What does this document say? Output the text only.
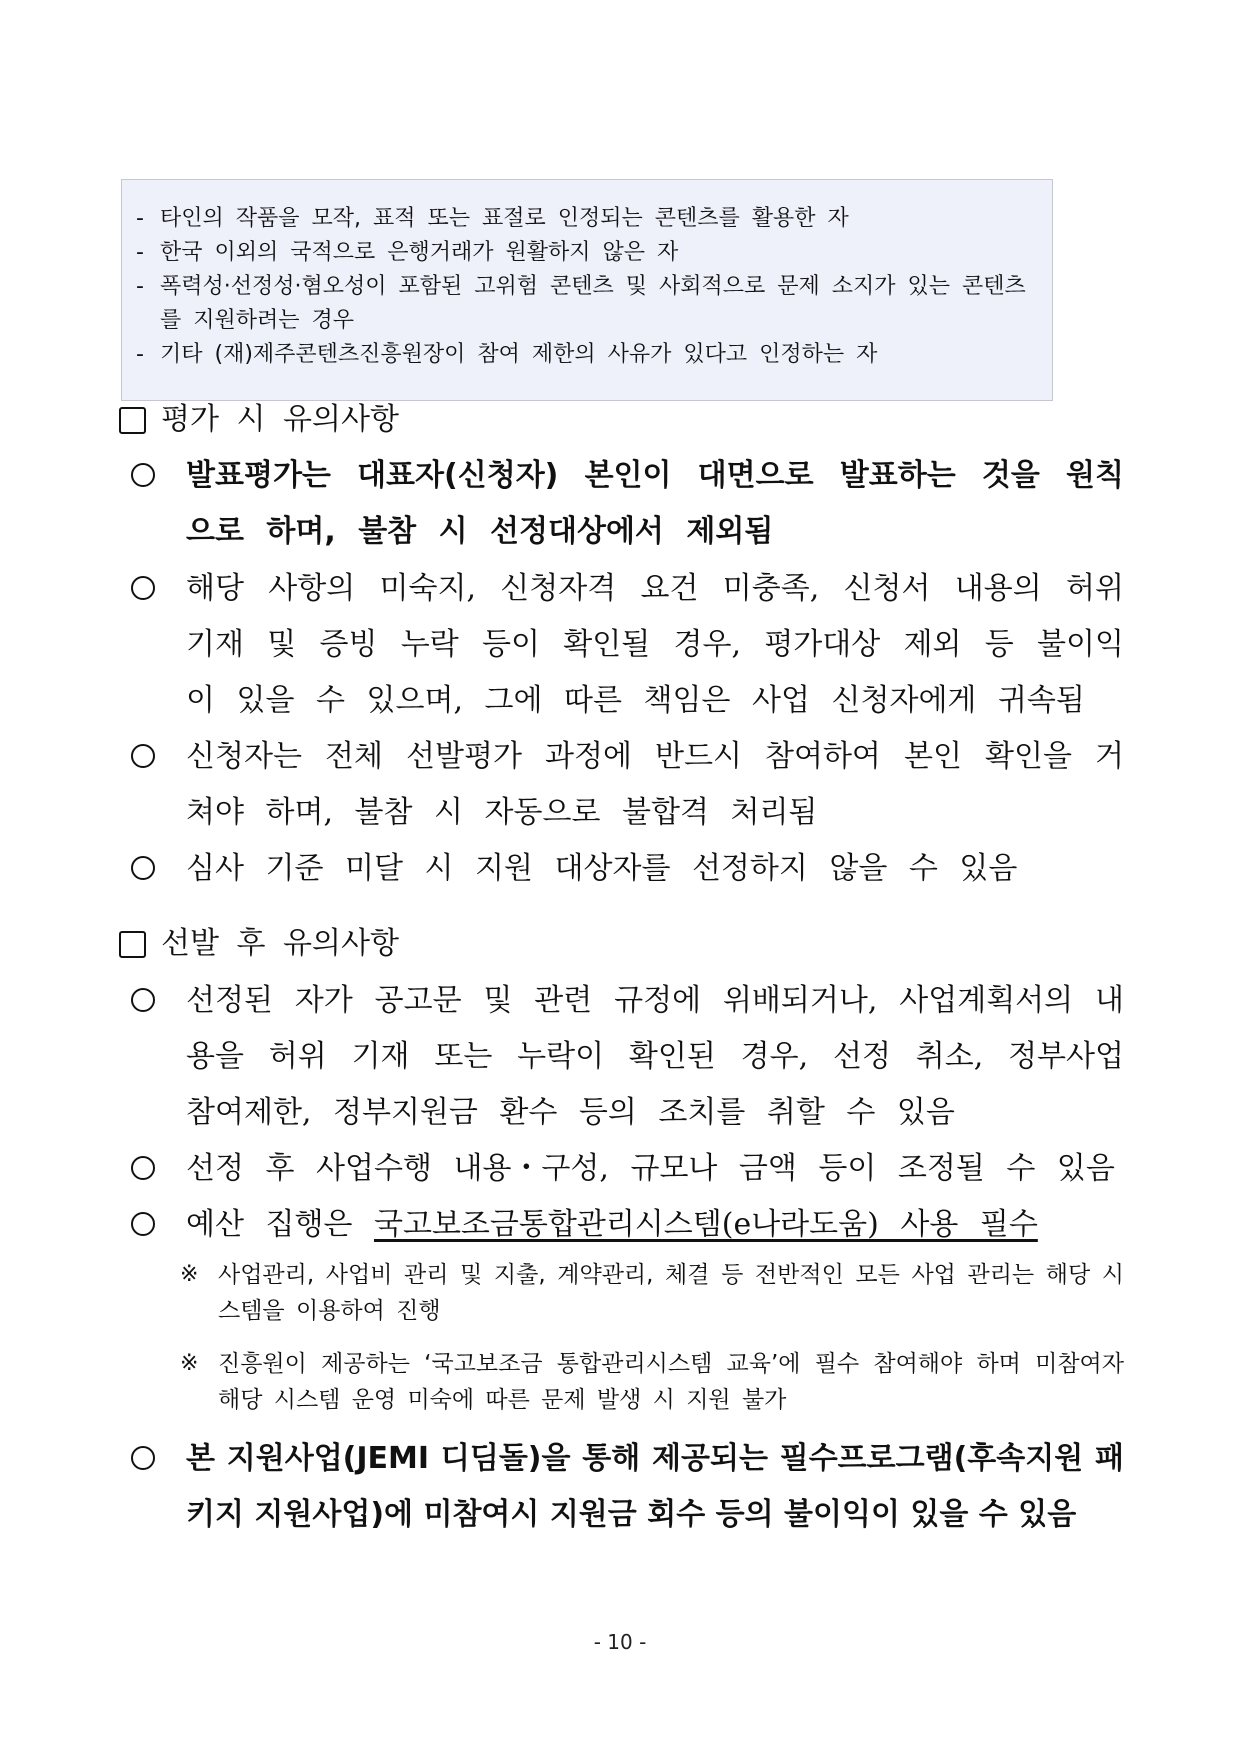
- 타인의 작품을 모작, 표적 또는 표절로 인정되는 콘텐츠를 활용한 자
- 한국 이외의 국적으로 은행거래가 원활하지 않은 자
- 폭력성·선정성·혐오성이 포함된 고위험 콘텐츠 및 사회적으로 문제 소지가 있는 콘텐츠를 지원하려는 경우
- 기타 (재)제주콘텐츠진흥원장이 참여 제한의 사유가 있다고 인정하는 자
평가 시 유의사항
발표평가는 대표자(신청자) 본인이 대면으로 발표하는 것을 원칙으로 하며, 불참 시 선정대상에서 제외됨
해당 사항의 미숙지, 신청자격 요건 미충족, 신청서 내용의 허위 기재 및 증빙 누락 등이 확인될 경우, 평가대상 제외 등 불이익이 있을 수 있으며, 그에 따른 책임은 사업 신청자에게 귀속됨
신청자는 전체 선발평가 과정에 반드시 참여하여 본인 확인을 거쳐야 하며, 불참 시 자동으로 불합격 처리됨
심사 기준 미달 시 지원 대상자를 선정하지 않을 수 있음
선발 후 유의사항
선정된 자가 공고문 및 관련 규정에 위배되거나, 사업계획서의 내용을 허위 기재 또는 누락이 확인된 경우, 선정 취소, 정부사업 참여제한, 정부지원금 환수 등의 조치를 취할 수 있음
선정 후 사업수행 내용・구성, 규모나 금액 등이 조정될 수 있음
예산 집행은 국고보조금통합관리시스템(e나라도움) 사용 필수
※ 사업관리, 사업비 관리 및 지출, 계약관리, 체결 등 전반적인 모든 사업 관리는 해당 시스템을 이용하여 진행
※ 진흥원이 제공하는 ‘국고보조금 통합관리시스템 교육’에 필수 참여해야 하며 미참여자 해당 시스템 운영 미숙에 따른 문제 발생 시 지원 불가
본 지원사업(JEMI 디딤돌)을 통해 제공되는 필수프로그램(후속지원 패키지 지원사업)에 미참여시 지원금 회수 등의 불이익이 있을 수 있음
- 10 -
